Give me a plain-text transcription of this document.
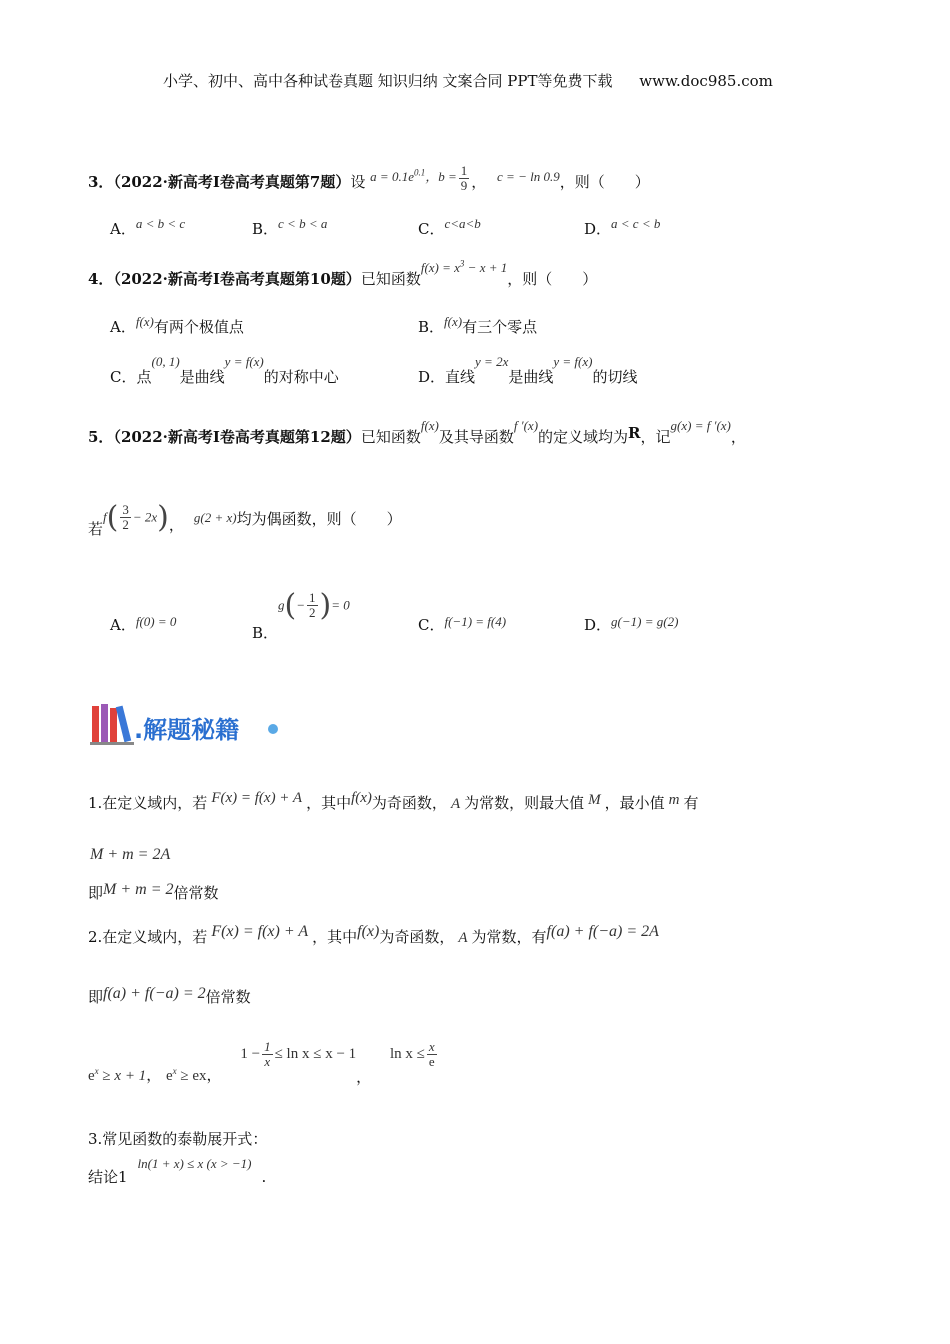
小学、初中、高中各种试卷真题 知识归纳 文案合同 PPT等免费下载 www.doc985.com
3．（2022·新高考Ⅰ卷高考真题第7题）设 $a = 0.1e^{0.1}$，$b = \frac{1}{9}$ ， c = − ln 0.9，则（　　）
A．a < b < c	B．c < b < a	C．c<a<b	D．a < c < b
4．（2022·新高考Ⅰ卷高考真题第10题）已知函数$f(x) = x^3 - x + 1$，则（　　）
A．f(x)有两个极值点	B．f(x)有三个零点
C．点(0, 1)是曲线y = f(x)的对称中心	D．直线y = 2x是曲线y = f(x)的切线
5．（2022·新高考Ⅰ卷高考真题第12题）已知函数f(x)及其导函数f ′(x)的定义域均为R，记g(x) = f ′(x)，
若$f( \frac{3}{2} - 2x)$， g(2 + x)均为偶函数，则（　　）
A．f(0) = 0
B．$g(- \frac{1}{2}$ )= 0
C．f(−1) = f(4)	D．g(−1) = g(2)
.解题秘籍
1.在定义域内，若 F(x) = f(x) + A ，其中f(x)为奇函数， A 为常数，则最大值 M ，最小值 m 有
M + m = 2A
即M + m = 2倍常数
2.在定义域内，若 F(x) = f(x) + A ，其中f(x)为奇函数， A 为常数，有f(a) + f(−a) = 2A
即f(a) + f(−a) = 2倍常数
$e^x \ge x + 1$， $e^x$ ≥ ex， $1 - \frac{1}{x} \le \ln x \le x - 1$， $\ln x \le \frac{x}{e}$
3.常见函数的泰勒展开式：
结论1ln(1 + x) ≤ x (x > −1).
